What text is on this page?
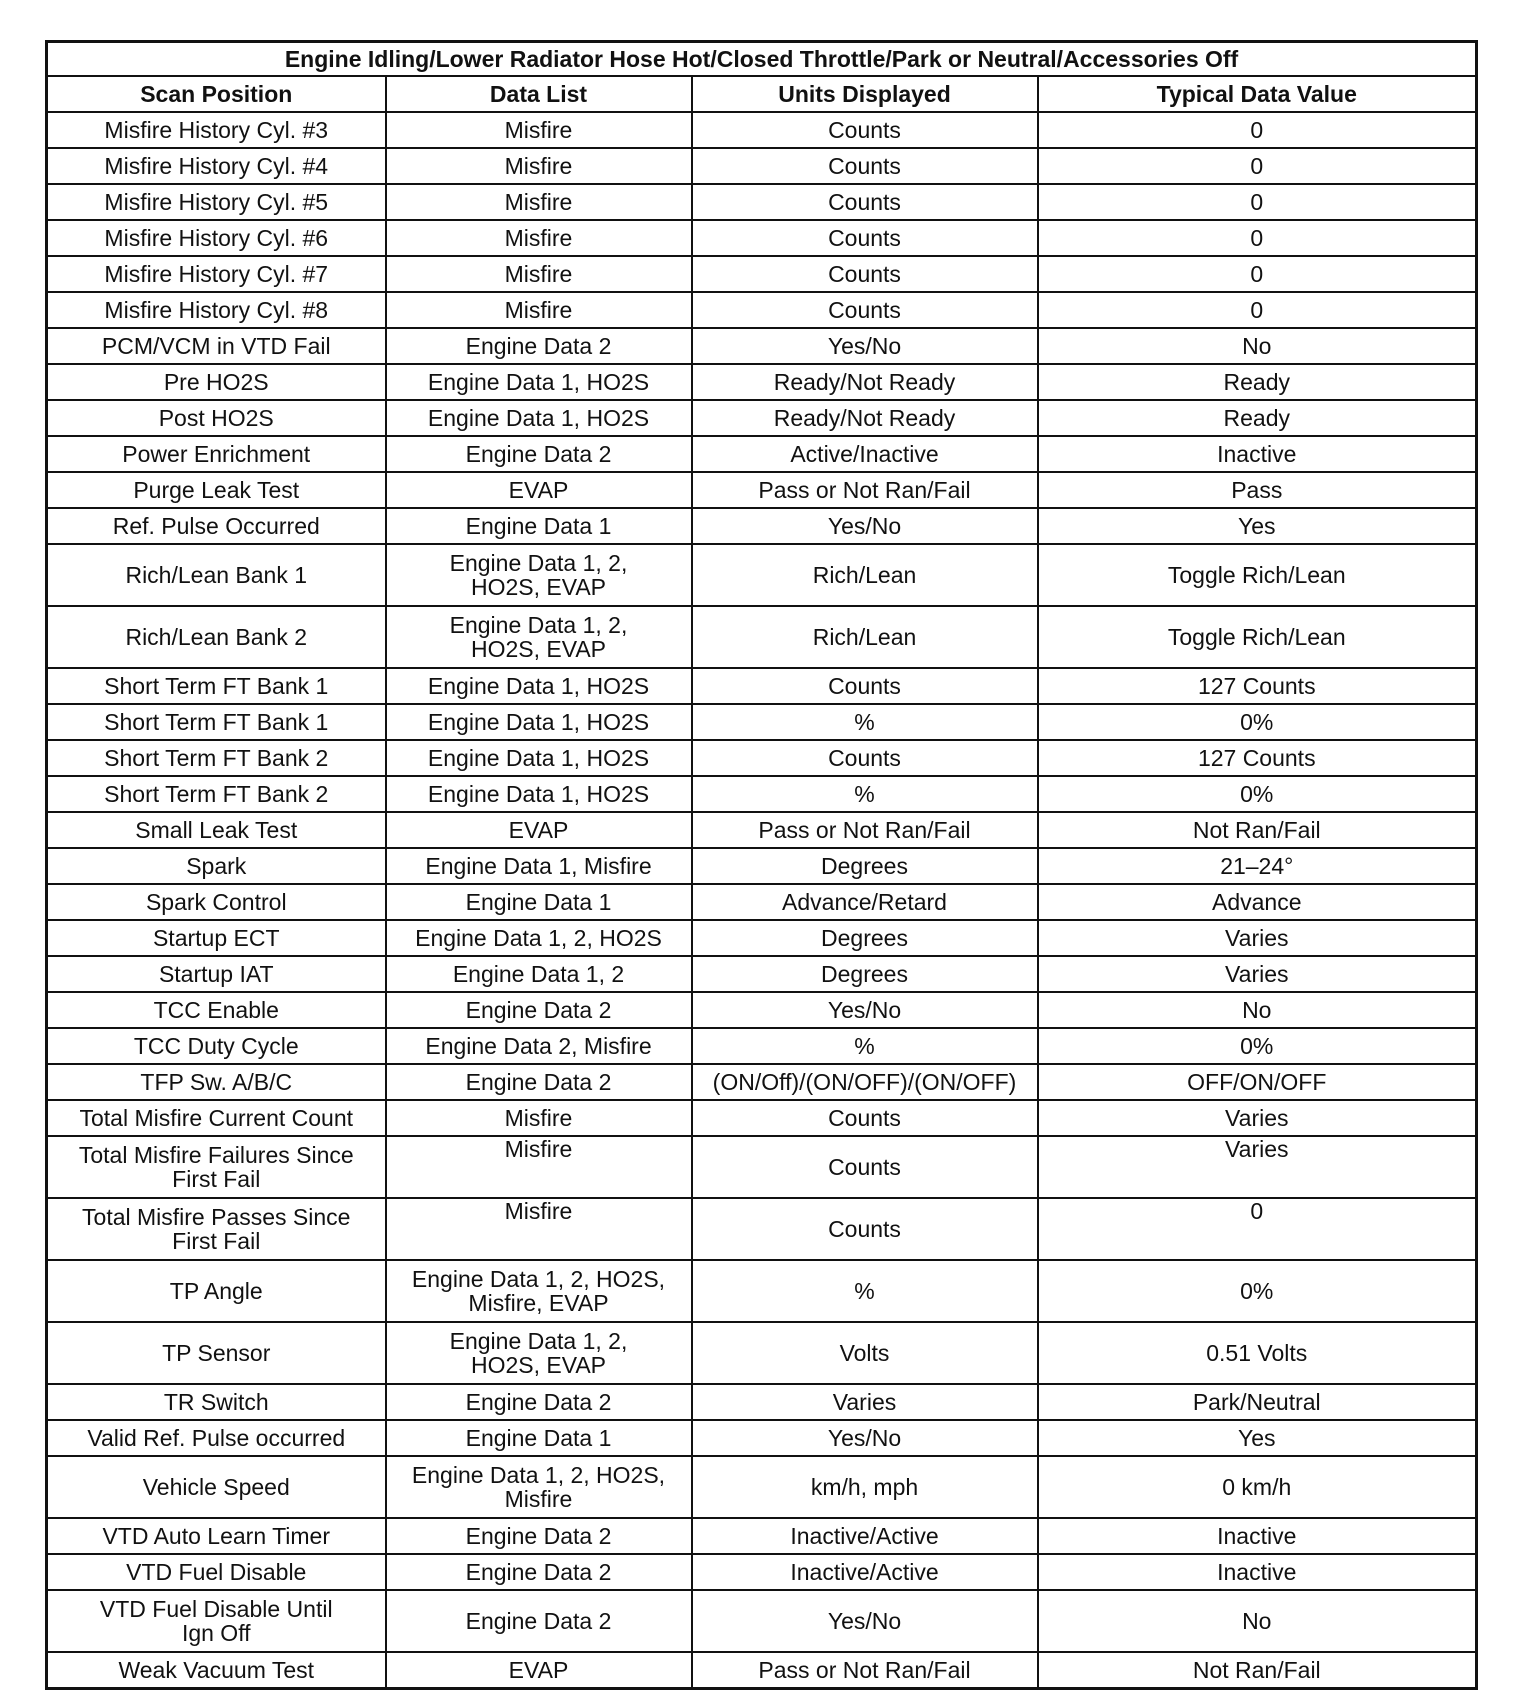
Engine Idling/Lower Radiator Hose Hot/Closed Throttle/Park or Neutral/Accessories Off			
Scan Position	Data List	Units Displayed	Typical Data Value
Misfire History Cyl. #3	Misfire	Counts	0
Misfire History Cyl. #4	Misfire	Counts	0
Misfire History Cyl. #5	Misfire	Counts	0
Misfire History Cyl. #6	Misfire	Counts	0
Misfire History Cyl. #7	Misfire	Counts	0
Misfire History Cyl. #8	Misfire	Counts	0
PCM/VCM in VTD Fail	Engine Data 2	Yes/No	No
Pre HO2S	Engine Data 1, HO2S	Ready/Not Ready	Ready
Post HO2S	Engine Data 1, HO2S	Ready/Not Ready	Ready
Power Enrichment	Engine Data 2	Active/Inactive	Inactive
Purge Leak Test	EVAP	Pass or Not Ran/Fail	Pass
Ref. Pulse Occurred	Engine Data 1	Yes/No	Yes
Rich/Lean Bank 1	Engine Data 1, 2,
HO2S, EVAP	Rich/Lean	Toggle Rich/Lean
Rich/Lean Bank 2	Engine Data 1, 2,
HO2S, EVAP	Rich/Lean	Toggle Rich/Lean
Short Term FT Bank 1	Engine Data 1, HO2S	Counts	127 Counts
Short Term FT Bank 1	Engine Data 1, HO2S	%	0%
Short Term FT Bank 2	Engine Data 1, HO2S	Counts	127 Counts
Short Term FT Bank 2	Engine Data 1, HO2S	%	0%
Small Leak Test	EVAP	Pass or Not Ran/Fail	Not Ran/Fail
Spark	Engine Data 1, Misfire	Degrees	21–24°
Spark Control	Engine Data 1	Advance/Retard	Advance
Startup ECT	Engine Data 1, 2, HO2S	Degrees	Varies
Startup IAT	Engine Data 1, 2	Degrees	Varies
TCC Enable	Engine Data 2	Yes/No	No
TCC Duty Cycle	Engine Data 2, Misfire	%	0%
TFP Sw. A/B/C	Engine Data 2	(ON/Off)/(ON/OFF)/(ON/OFF)	OFF/ON/OFF
Total Misfire Current Count	Misfire	Counts	Varies
Total Misfire Failures Since
First Fail	Misfire	Counts	Varies
Total Misfire Passes Since
First Fail	Misfire	Counts	0
TP Angle	Engine Data 1, 2, HO2S,
Misfire, EVAP	%	0%
TP Sensor	Engine Data 1, 2,
HO2S, EVAP	Volts	0.51 Volts
TR Switch	Engine Data 2	Varies	Park/Neutral
Valid Ref. Pulse occurred	Engine Data 1	Yes/No	Yes
Vehicle Speed	Engine Data 1, 2, HO2S,
Misfire	km/h, mph	0 km/h
VTD Auto Learn Timer	Engine Data 2	Inactive/Active	Inactive
VTD Fuel Disable	Engine Data 2	Inactive/Active	Inactive
VTD Fuel Disable Until
Ign Off	Engine Data 2	Yes/No	No
Weak Vacuum Test	EVAP	Pass or Not Ran/Fail	Not Ran/Fail
